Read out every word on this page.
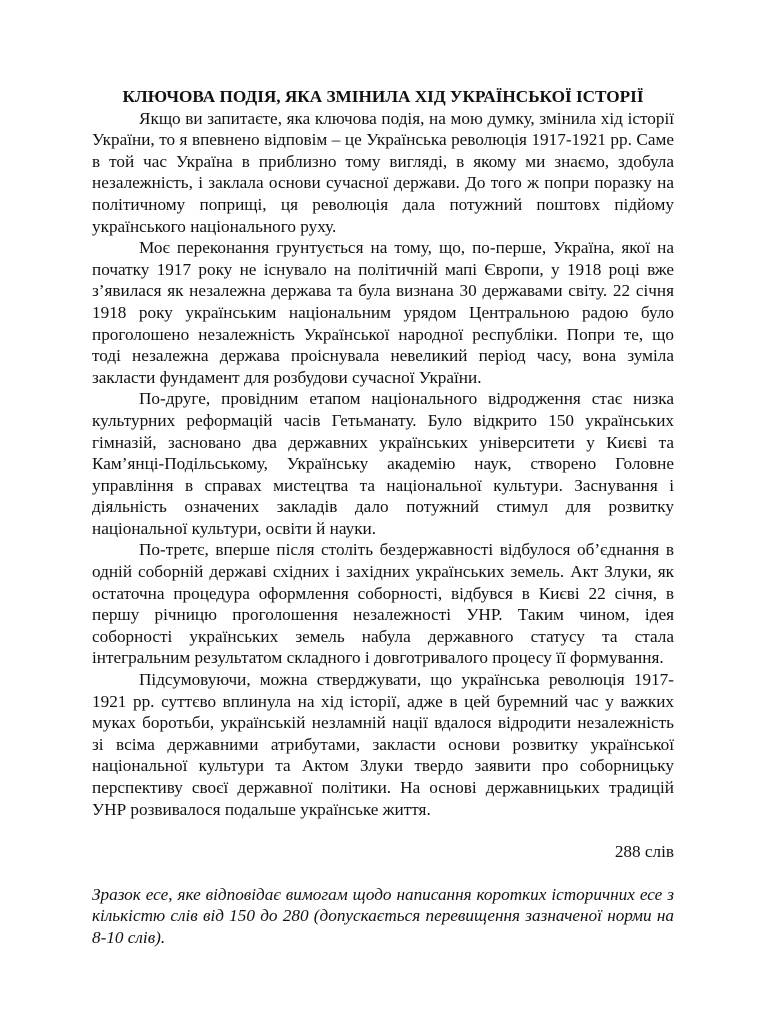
КЛЮЧОВА ПОДІЯ, ЯКА ЗМІНИЛА ХІД УКРАЇНСЬКОЇ ІСТОРІЇ

Якщо ви запитаєте, яка ключова подія, на мою думку, змінила хід історії України, то я впевнено відповім – це Українська революція 1917-1921 рр. Саме в той час Україна в приблизно тому вигляді, в якому ми знаємо, здобула незалежність, і заклала основи сучасної держави. До того ж попри поразку на політичному поприщі, ця революція дала потужний поштовх підйому українського національного руху.

Моє переконання грунтується на тому, що, по-перше, Україна, якої на початку 1917 року не існувало на політичній мапі Європи, у 1918 році вже з’явилася як незалежна держава та була визнана 30 державами світу. 22 січня 1918 року українським національним урядом Центральною радою було проголошено незалежність Української народної республіки. Попри те, що тоді незалежна держава проіснувала невеликий період часу, вона зуміла закласти фундамент для розбудови сучасної України.

По-друге, провідним етапом національного відродження стає низка культурних реформацій часів Гетьманату. Було відкрито 150 українських гімназій, засновано два державних українських університети у Києві та Кам’янці-Подільському, Українську академію наук, створено Головне управління в справах мистецтва та національної культури. Заснування і діяльність означених закладів дало потужний стимул для розвитку національної культури, освіти й науки.

По-третє, вперше після століть бездержавності відбулося об’єднання в одній соборній державі східних і західних українських земель. Акт Злуки, як остаточна процедура оформлення соборності, відбувся в Києві 22 січня, в першу річницю проголошення незалежності УНР. Таким чином, ідея соборності українських земель набула державного статусу та стала інтегральним результатом складного і довготривалого процесу її формування.

Підсумовуючи, можна стверджувати, що українська революція 1917-1921 рр. суттєво вплинула на хід історії, адже в цей буремний час у важких муках боротьби, українській незламній нації вдалося відродити незалежність зі всіма державними атрибутами, закласти основи розвитку української національної культури та Актом Злуки твердо заявити про соборницьку перспективу своєї державної політики. На основі державницьких традицій УНР розвивалося подальше українське життя.

288 слів

Зразок есе, яке відповідає вимогам щодо написання коротких історичних есе з кількістю слів від 150 до 280 (допускається перевищення зазначеної норми на 8-10 слів).
